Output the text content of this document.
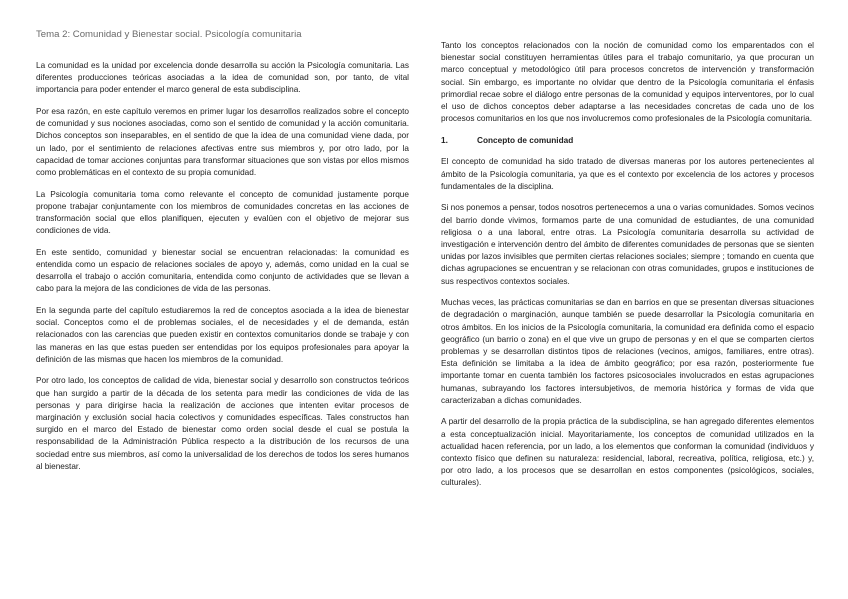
Tema 2: Comunidad y Bienestar social. Psicología comunitaria

La comunidad es la unidad por excelencia donde desarrolla su acción la Psicología comunitaria. Las diferentes producciones teóricas asociadas a la idea de comunidad son, por tanto, de vital importancia para poder entender el marco general de esta subdisciplina.

Por esa razón, en este capítulo veremos en primer lugar los desarrollos realizados sobre el concepto de comunidad y sus nociones asociadas, como son el sentido de comunidad y la acción comunitaria. Dichos conceptos son inseparables, en el sentido de que la idea de una comunidad viene dada, por un lado, por el sentimiento de relaciones afectivas entre sus miembros y, por otro lado, por la capacidad de tomar acciones conjuntas para transformar situaciones que son vistas por ellos mismos como problemáticas en el contexto de su propia comunidad.

La Psicología comunitaria toma como relevante el concepto de comunidad justamente porque propone trabajar conjuntamente con los miembros de comunidades concretas en las acciones de transformación social que ellos planifiquen, ejecuten y evalúen con el objetivo de mejorar sus condiciones de vida.

En este sentido, comunidad y bienestar social se encuentran relacionadas: la comunidad es entendida como un espacio de relaciones sociales de apoyo y, además, como unidad en la cual se desarrolla el trabajo o acción comunitaria, entendida como conjunto de actividades que se llevan a cabo para la mejora de las condiciones de vida de las personas.

En la segunda parte del capítulo estudiaremos la red de conceptos asociada a la idea de bienestar social. Conceptos como el de problemas sociales, el de necesidades y el de demanda, están relacionados con las carencias que pueden existir en contextos comunitarios donde se trabaje y con las maneras en las que estas pueden ser entendidas por los equipos profesionales para apoyar la definición de las mismas que hacen los miembros de la comunidad.

Por otro lado, los conceptos de calidad de vida, bienestar social y desarrollo son constructos teóricos que han surgido a partir de la década de los setenta para medir las condiciones de vida de las personas y para dirigirse hacia la realización de acciones que intenten evitar procesos de marginación y exclusión social hacia colectivos y comunidades específicas. Tales constructos han surgido en el marco del Estado de bienestar como orden social desde el cual se postula la responsabilidad de la Administración Pública respecto a la distribución de los recursos de una sociedad entre sus miembros, así como la universalidad de los derechos de todos los seres humanos al bienestar.

Tanto los conceptos relacionados con la noción de comunidad como los emparentados con el bienestar social constituyen herramientas útiles para el trabajo comunitario, ya que procuran un marco conceptual y metodológico útil para procesos concretos de intervención y transformación social. Sin embargo, es importante no olvidar que dentro de la Psicología comunitaria el énfasis primordial recae sobre el diálogo entre personas de la comunidad y equipos interventores, por lo cual el uso de dichos conceptos deber adaptarse a las necesidades concretas de cada uno de los procesos comunitarios en los que nos involucremos como profesionales de la Psicología comunitaria.

1.	Concepto de comunidad

El concepto de comunidad ha sido tratado de diversas maneras por los autores pertenecientes al ámbito de la Psicología comunitaria, ya que es el contexto por excelencia de los actores y procesos fundamentales de la disciplina.

Si nos ponemos a pensar, todos nosotros pertenecemos a una o varias comunidades. Somos vecinos del barrio donde vivimos, formamos parte de una comunidad de estudiantes, de una comunidad religiosa o a una laboral, entre otras. La Psicología comunitaria desarrolla su actividad de investigación e intervención dentro del ámbito de diferentes comunidades de personas que se sienten unidas por lazos invisibles que permiten ciertas relaciones sociales; siempre ; tomando en cuenta que dichas agrupaciones se encuentran y se relacionan con otras comunidades, grupos e instituciones de sus respectivos contextos sociales.

Muchas veces, las prácticas comunitarias se dan en barrios en que se presentan diversas situaciones de degradación o marginación, aunque también se puede desarrollar la Psicología comunitaria en otros ámbitos. En los inicios de la Psicología comunitaria, la comunidad era definida como el espacio geográfico (un barrio o zona) en el que vive un grupo de personas y en el que se comparten ciertos problemas y se desarrollan distintos tipos de relaciones (vecinos, amigos, familiares, entre otras). Esta definición se limitaba a la idea de ámbito geográfico; por esa razón, posteriormente fue importante tomar en cuenta también los factores psicosociales involucrados en estas agrupaciones humanas, subrayando los factores intersubjetivos, de memoria histórica y formas de vida que caracterizaban a dichas comunidades.

A partir del desarrollo de la propia práctica de la subdisciplina, se han agregado diferentes elementos a esta conceptualización inicial. Mayoritariamente, los conceptos de comunidad utilizados en la actualidad hacen referencia, por un lado, a los elementos que conforman la comunidad (individuos y contexto físico que definen su naturaleza: residencial, laboral, recreativa, política, religiosa, etc.) y, por otro lado, a los procesos que se desarrollan en estos componentes (psicológicos, sociales, culturales).
